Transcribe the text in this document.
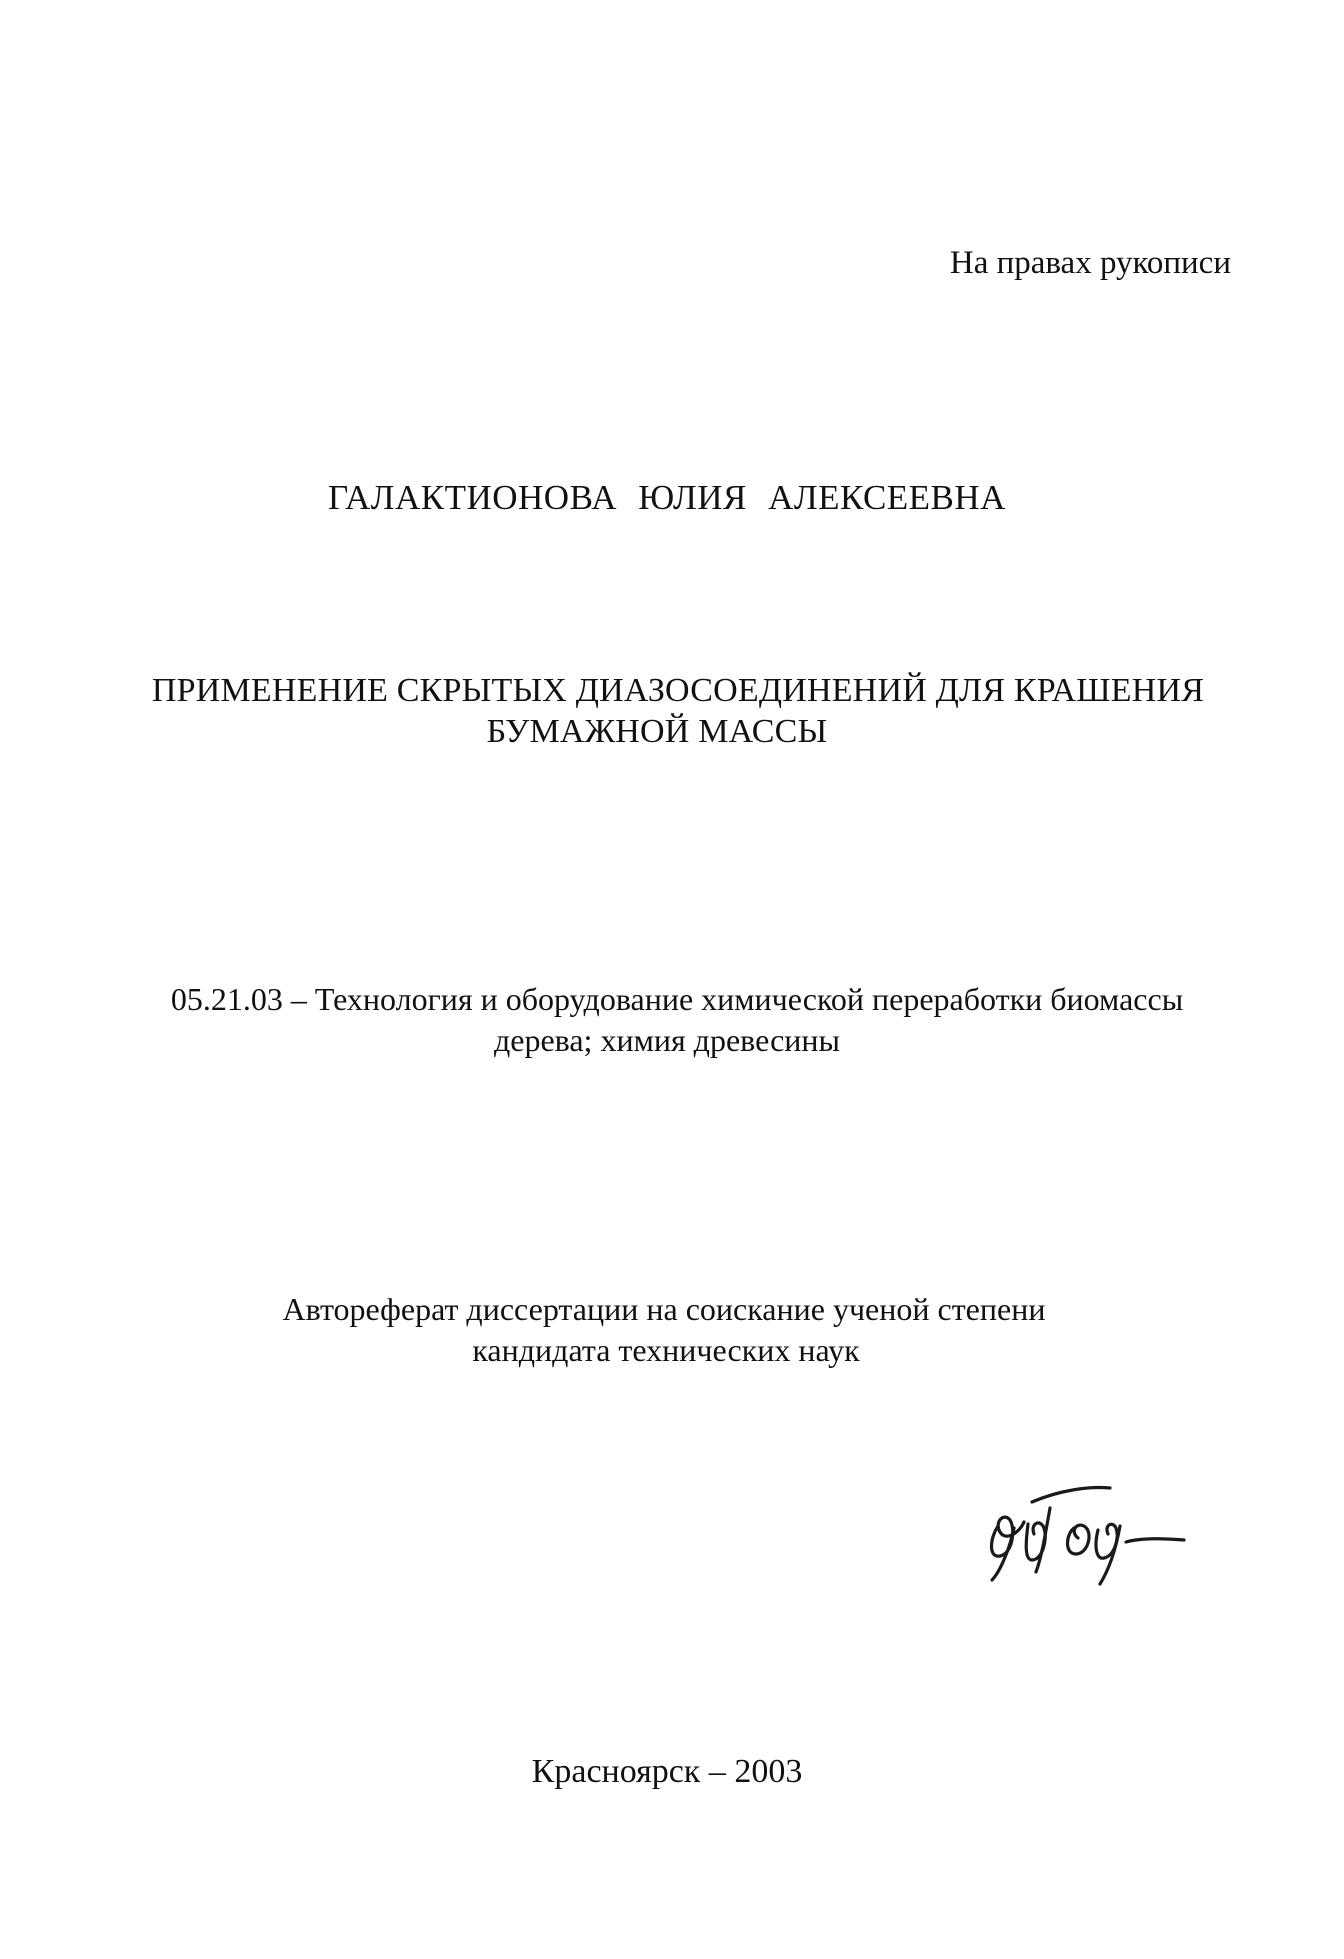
На правах рукописи
ГАЛАКТИОНОВА ЮЛИЯ АЛЕКСЕЕВНА
ПРИМЕНЕНИЕ СКРЫТЫХ ДИАЗОСОЕДИНЕНИЙ ДЛЯ КРАШЕНИЯ
БУМАЖНОЙ МАССЫ
05.21.03 – Технология и оборудование химической переработки биомассы
дерева; химия древесины
Автореферат диссертации на соискание ученой степени
кандидата технических наук
Красноярск – 2003
